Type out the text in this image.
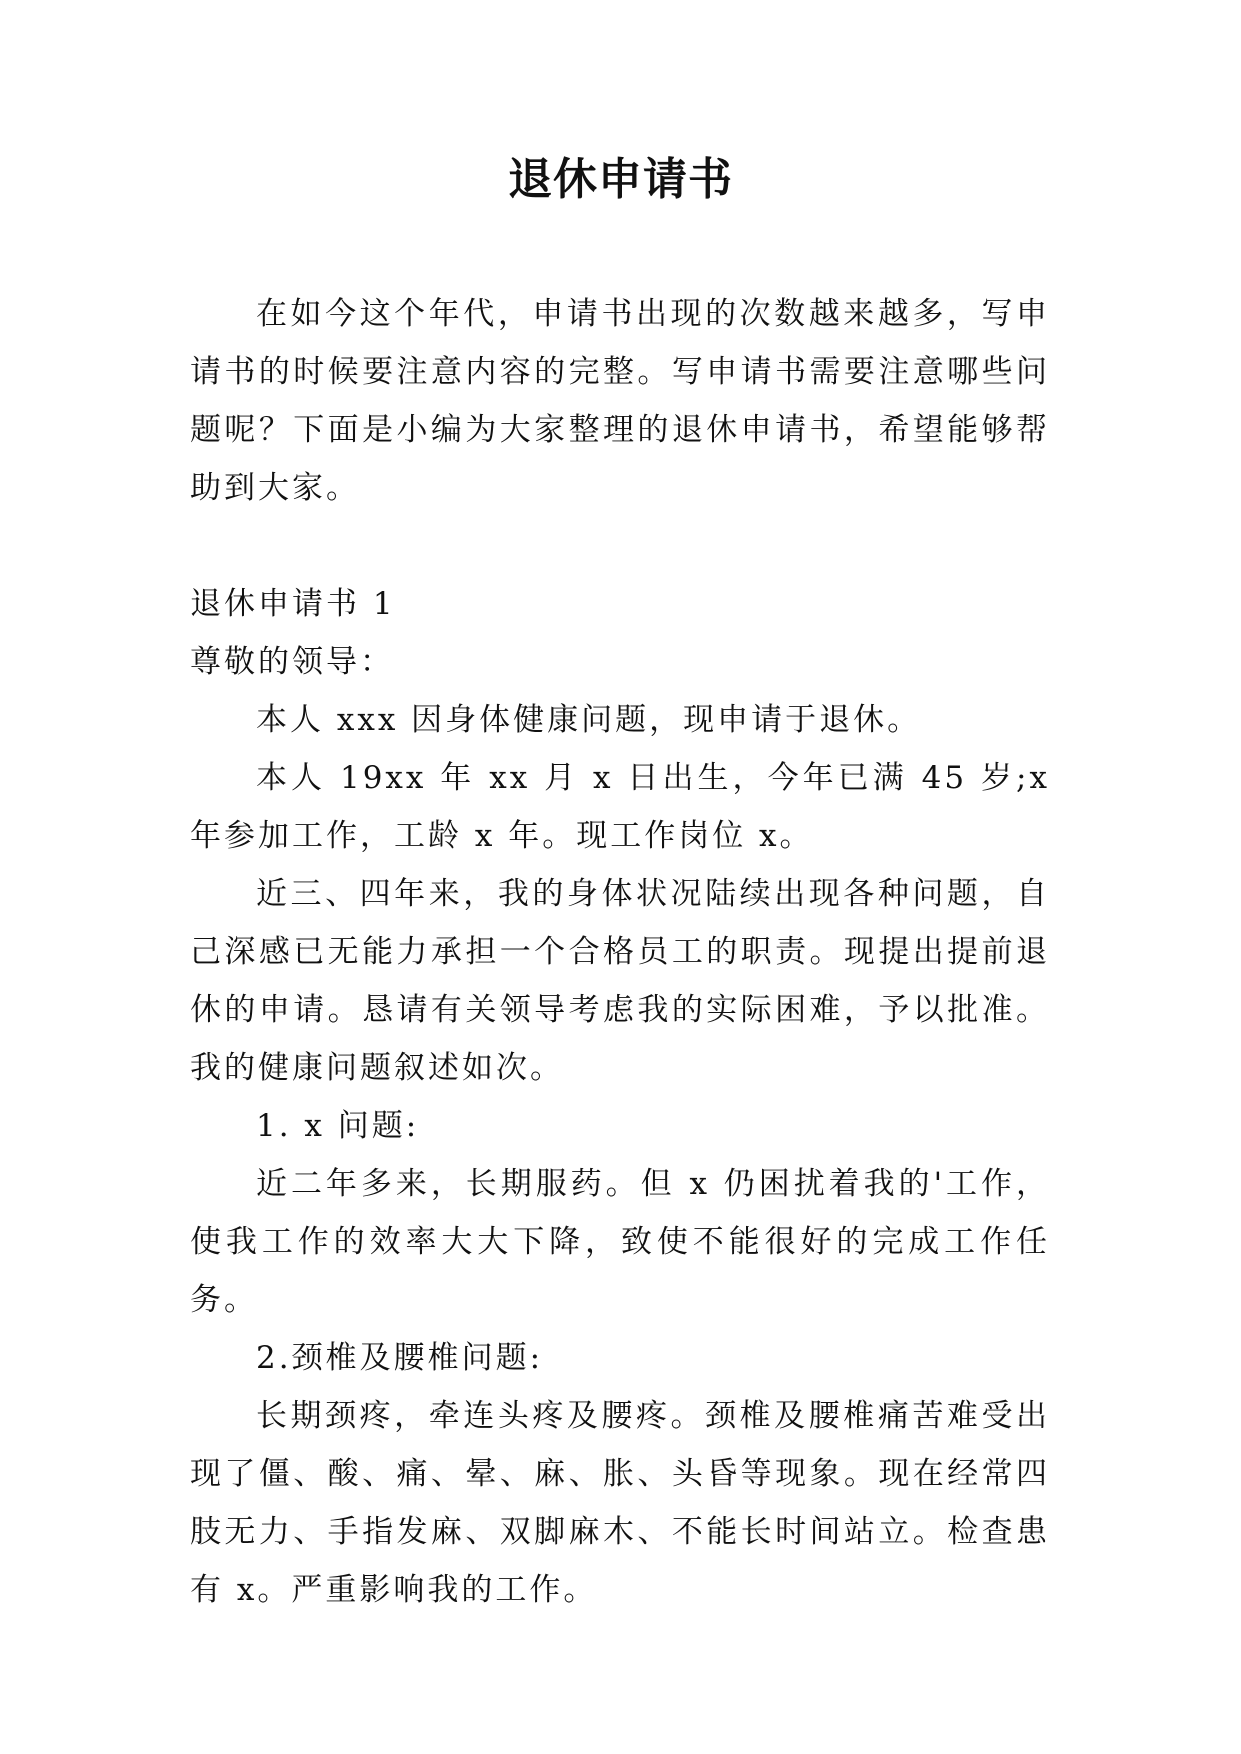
退休申请书

在如今这个年代，申请书出现的次数越来越多，写申请书的时候要注意内容的完整。写申请书需要注意哪些问题呢？下面是小编为大家整理的退休申请书，希望能够帮助到大家。

退休申请书 1

尊敬的领导：

本人 xxx 因身体健康问题，现申请于退休。

本人 19xx 年 xx 月 x 日出生，今年已满 45 岁;x 年参加工作，工龄 x 年。现工作岗位 x。

近三、四年来，我的身体状况陆续出现各种问题，自己深感已无能力承担一个合格员工的职责。现提出提前退休的申请。恳请有关领导考虑我的实际困难，予以批准。我的健康问题叙述如次。

1. x 问题:

近二年多来，长期服药。但 x 仍困扰着我的'工作，使我工作的效率大大下降，致使不能很好的完成工作任务。

2.颈椎及腰椎问题:

长期颈疼，牵连头疼及腰疼。颈椎及腰椎痛苦难受出现了僵、酸、痛、晕、麻、胀、头昏等现象。现在经常四肢无力、手指发麻、双脚麻木、不能长时间站立。检查患有 x。严重影响我的工作。
